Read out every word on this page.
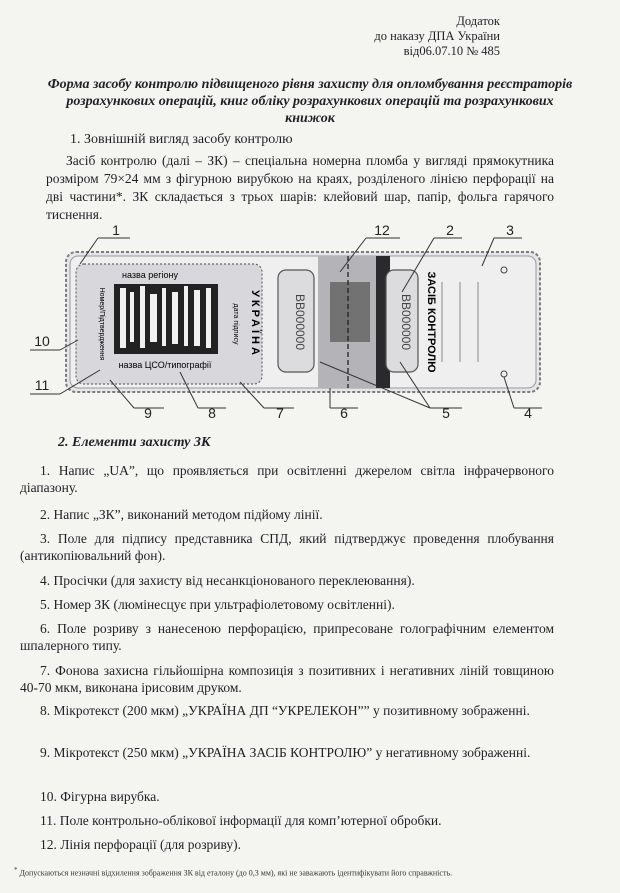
Додаток
до наказу ДПА України
від06.07.10 № 485
Форма засобу контролю підвищеного рівня захисту для опломбування реєстраторів розрахункових операцій, книг обліку розрахункових операцій та розрахункових книжок
1. Зовнішній вигляд засобу контролю
Засіб контролю (далі – ЗК) – спеціальна номерна пломба у вигляді прямокутника розміром 79×24 мм з фігурною вирубкою на краях, розділеного лінією перфорації на дві частини*. ЗК складається з трьох шарів: клейовий шар, папір, фольга гарячого тиснення.
назва регіону
назва ЦСО/типографії
Номер/Підтвердження	дата підпису УКРАЇНА	BB000000	BB000000 ЗАСІБ КОНТРОЛЮ
1	12	2	3
10
11
9	8	7	6	5	4
2. Елементи захисту ЗК
1. Напис „UA”, що проявляється при освітленні джерелом світла інфрачервоного діапазону.
2. Напис „ЗК”, виконаний методом підйому лінії.
3. Поле для підпису представника СПД, який підтверджує проведення плобування (антикопіювальний фон).
4. Просічки (для захисту від несанкціонованого переклеювання).
5. Номер ЗК (люмінесцує при ультрафіолетовому освітленні).
6. Поле розриву з нанесеною перфорацією, припресоване голографічним елементом шпалерного типу.
7. Фонова захисна гільйошірна композиція з позитивних і негативних ліній товщиною 40-70 мкм, виконана ірисовим друком.
8. Мікротекст (200 мкм) „УКРАЇНА ДП “УКРЕЛЕКОН”” у позитивному зображенні.
9. Мікротекст (250 мкм) „УКРАЇНА ЗАСІБ КОНТРОЛЮ” у негативному зображенні.
10. Фігурна вирубка.
11. Поле контрольно-облікової інформації для комп’ютерної обробки.
12. Лінія перфорації (для розриву).
* Допускаються незначні відхилення зображення ЗК від еталону (до 0,3 мм), які не заважають ідентифікувати його справжність.
